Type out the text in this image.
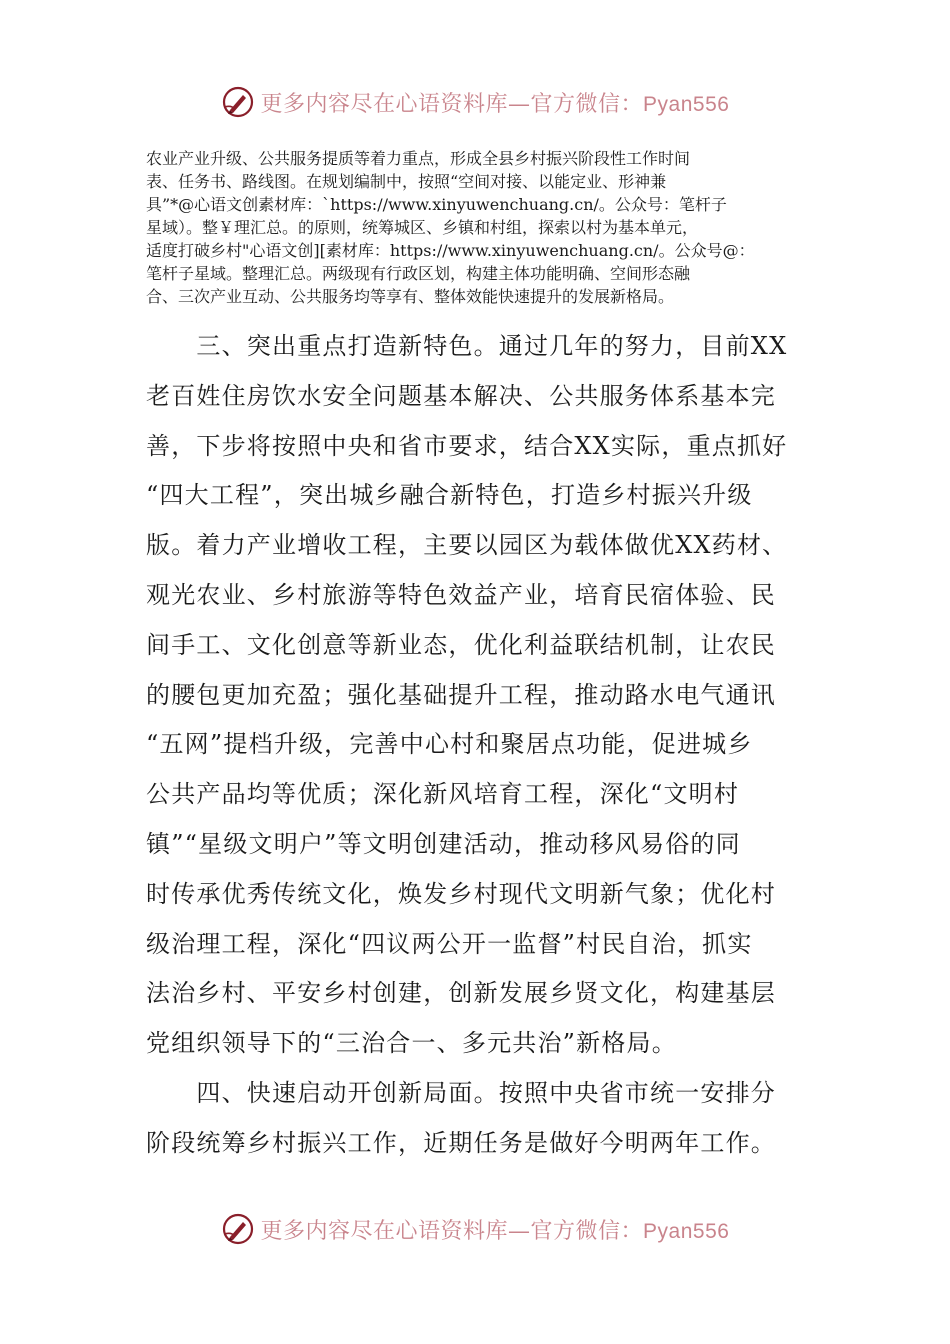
更多内容尽在心语资料库—官方微信：Pyan556
农业产业升级、公共服务提质等着力重点，形成全县乡村振兴阶段性工作时间
表、任务书、路线图。在规划编制中，按照“空间对接、以能定业、形神兼
具”*@心语文创素材库：`https://www.xinyuwenchuang.cn/。公众号：笔杆子
星域）。整￥理汇总。的原则，统筹城区、乡镇和村组，探索以村为基本单元，
适度打破乡村"心语文创][素材库：https://www.xinyuwenchuang.cn/。公众号@：
笔杆子星域。整理汇总。两级现有行政区划，构建主体功能明确、空间形态融
合、三次产业互动、公共服务均等享有、整体效能快速提升的发展新格局。
　　三、突出重点打造新特色。通过几年的努力，目前XX
老百姓住房饮水安全问题基本解决、公共服务体系基本完
善，下步将按照中央和省市要求，结合XX实际，重点抓好
“四大工程”，突出城乡融合新特色，打造乡村振兴升级
版。着力产业增收工程，主要以园区为载体做优XX药材、
观光农业、乡村旅游等特色效益产业，培育民宿体验、民
间手工、文化创意等新业态，优化利益联结机制，让农民
的腰包更加充盈；强化基础提升工程，推动路水电气通讯
“五网”提档升级，完善中心村和聚居点功能，促进城乡
公共产品均等优质；深化新风培育工程，深化“文明村
镇”“星级文明户”等文明创建活动，推动移风易俗的同
时传承优秀传统文化，焕发乡村现代文明新气象；优化村
级治理工程，深化“四议两公开一监督”村民自治，抓实
法治乡村、平安乡村创建，创新发展乡贤文化，构建基层
党组织领导下的“三治合一、多元共治”新格局。
　　四、快速启动开创新局面。按照中央省市统一安排分
阶段统筹乡村振兴工作，近期任务是做好今明两年工作。
更多内容尽在心语资料库—官方微信：Pyan556
